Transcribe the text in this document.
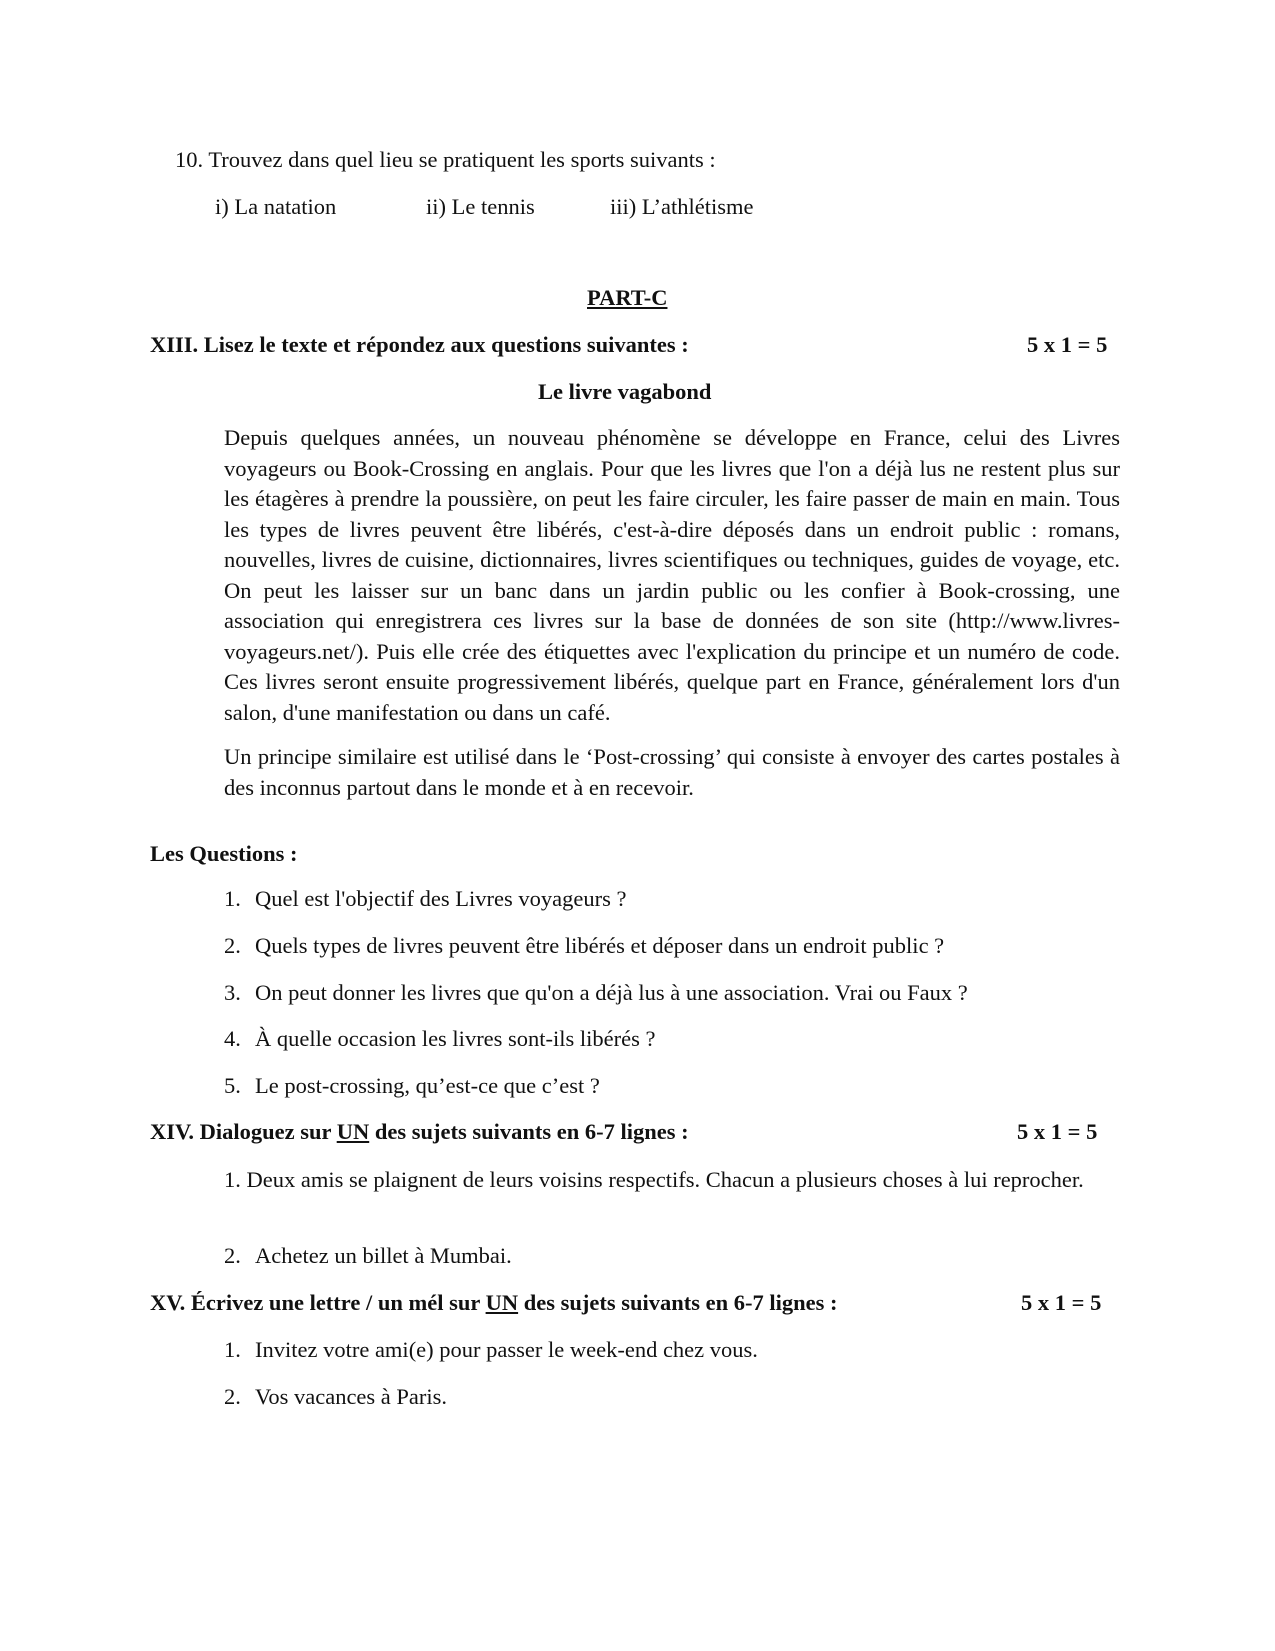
10. Trouvez dans quel lieu se pratiquent les sports suivants :
i) La natation	ii) Le tennis	iii) L’athlétisme
PART-C
XIII. Lisez le texte et répondez aux questions suivantes :	5 x 1 = 5
Le livre vagabond

Depuis quelques années, un nouveau phénomène se développe en France, celui des Livres voyageurs ou Book-Crossing en anglais. Pour que les livres que l'on a déjà lus ne restent plus sur les étagères à prendre la poussière, on peut les faire circuler, les faire passer de main en main. Tous les types de livres peuvent être libérés, c'est-à-dire déposés dans un endroit public : romans, nouvelles, livres de cuisine, dictionnaires, livres scientifiques ou techniques, guides de voyage, etc. On peut les laisser sur un banc dans un jardin public ou les confier à Book-crossing, une association qui enregistrera ces livres sur la base de données de son site (http://www.livres-voyageurs.net/). Puis elle crée des étiquettes avec l'explication du principe et un numéro de code. Ces livres seront ensuite progressivement libérés, quelque part en France, généralement lors d'un salon, d'une manifestation ou dans un café.

Un principe similaire est utilisé dans le ‘Post-crossing’ qui consiste à envoyer des cartes postales à des inconnus partout dans le monde et à en recevoir.

Les Questions :
1. Quel est l'objectif des Livres voyageurs ?
2. Quels types de livres peuvent être libérés et déposer dans un endroit public ?
3. On peut donner les livres que qu'on a déjà lus à une association. Vrai ou Faux ?
4. À quelle occasion les livres sont-ils libérés ?
5. Le post-crossing, qu’est-ce que c’est ?
XIV. Dialoguez sur UN des sujets suivants en 6-7 lignes :	5 x 1 = 5
1. Deux amis se plaignent de leurs voisins respectifs. Chacun a plusieurs choses à lui reprocher.
2. Achetez un billet à Mumbai.
XV. Écrivez une lettre / un mél sur UN des sujets suivants en 6-7 lignes :	5 x 1 = 5
1. Invitez votre ami(e) pour passer le week-end chez vous.
2. Vos vacances à Paris.
